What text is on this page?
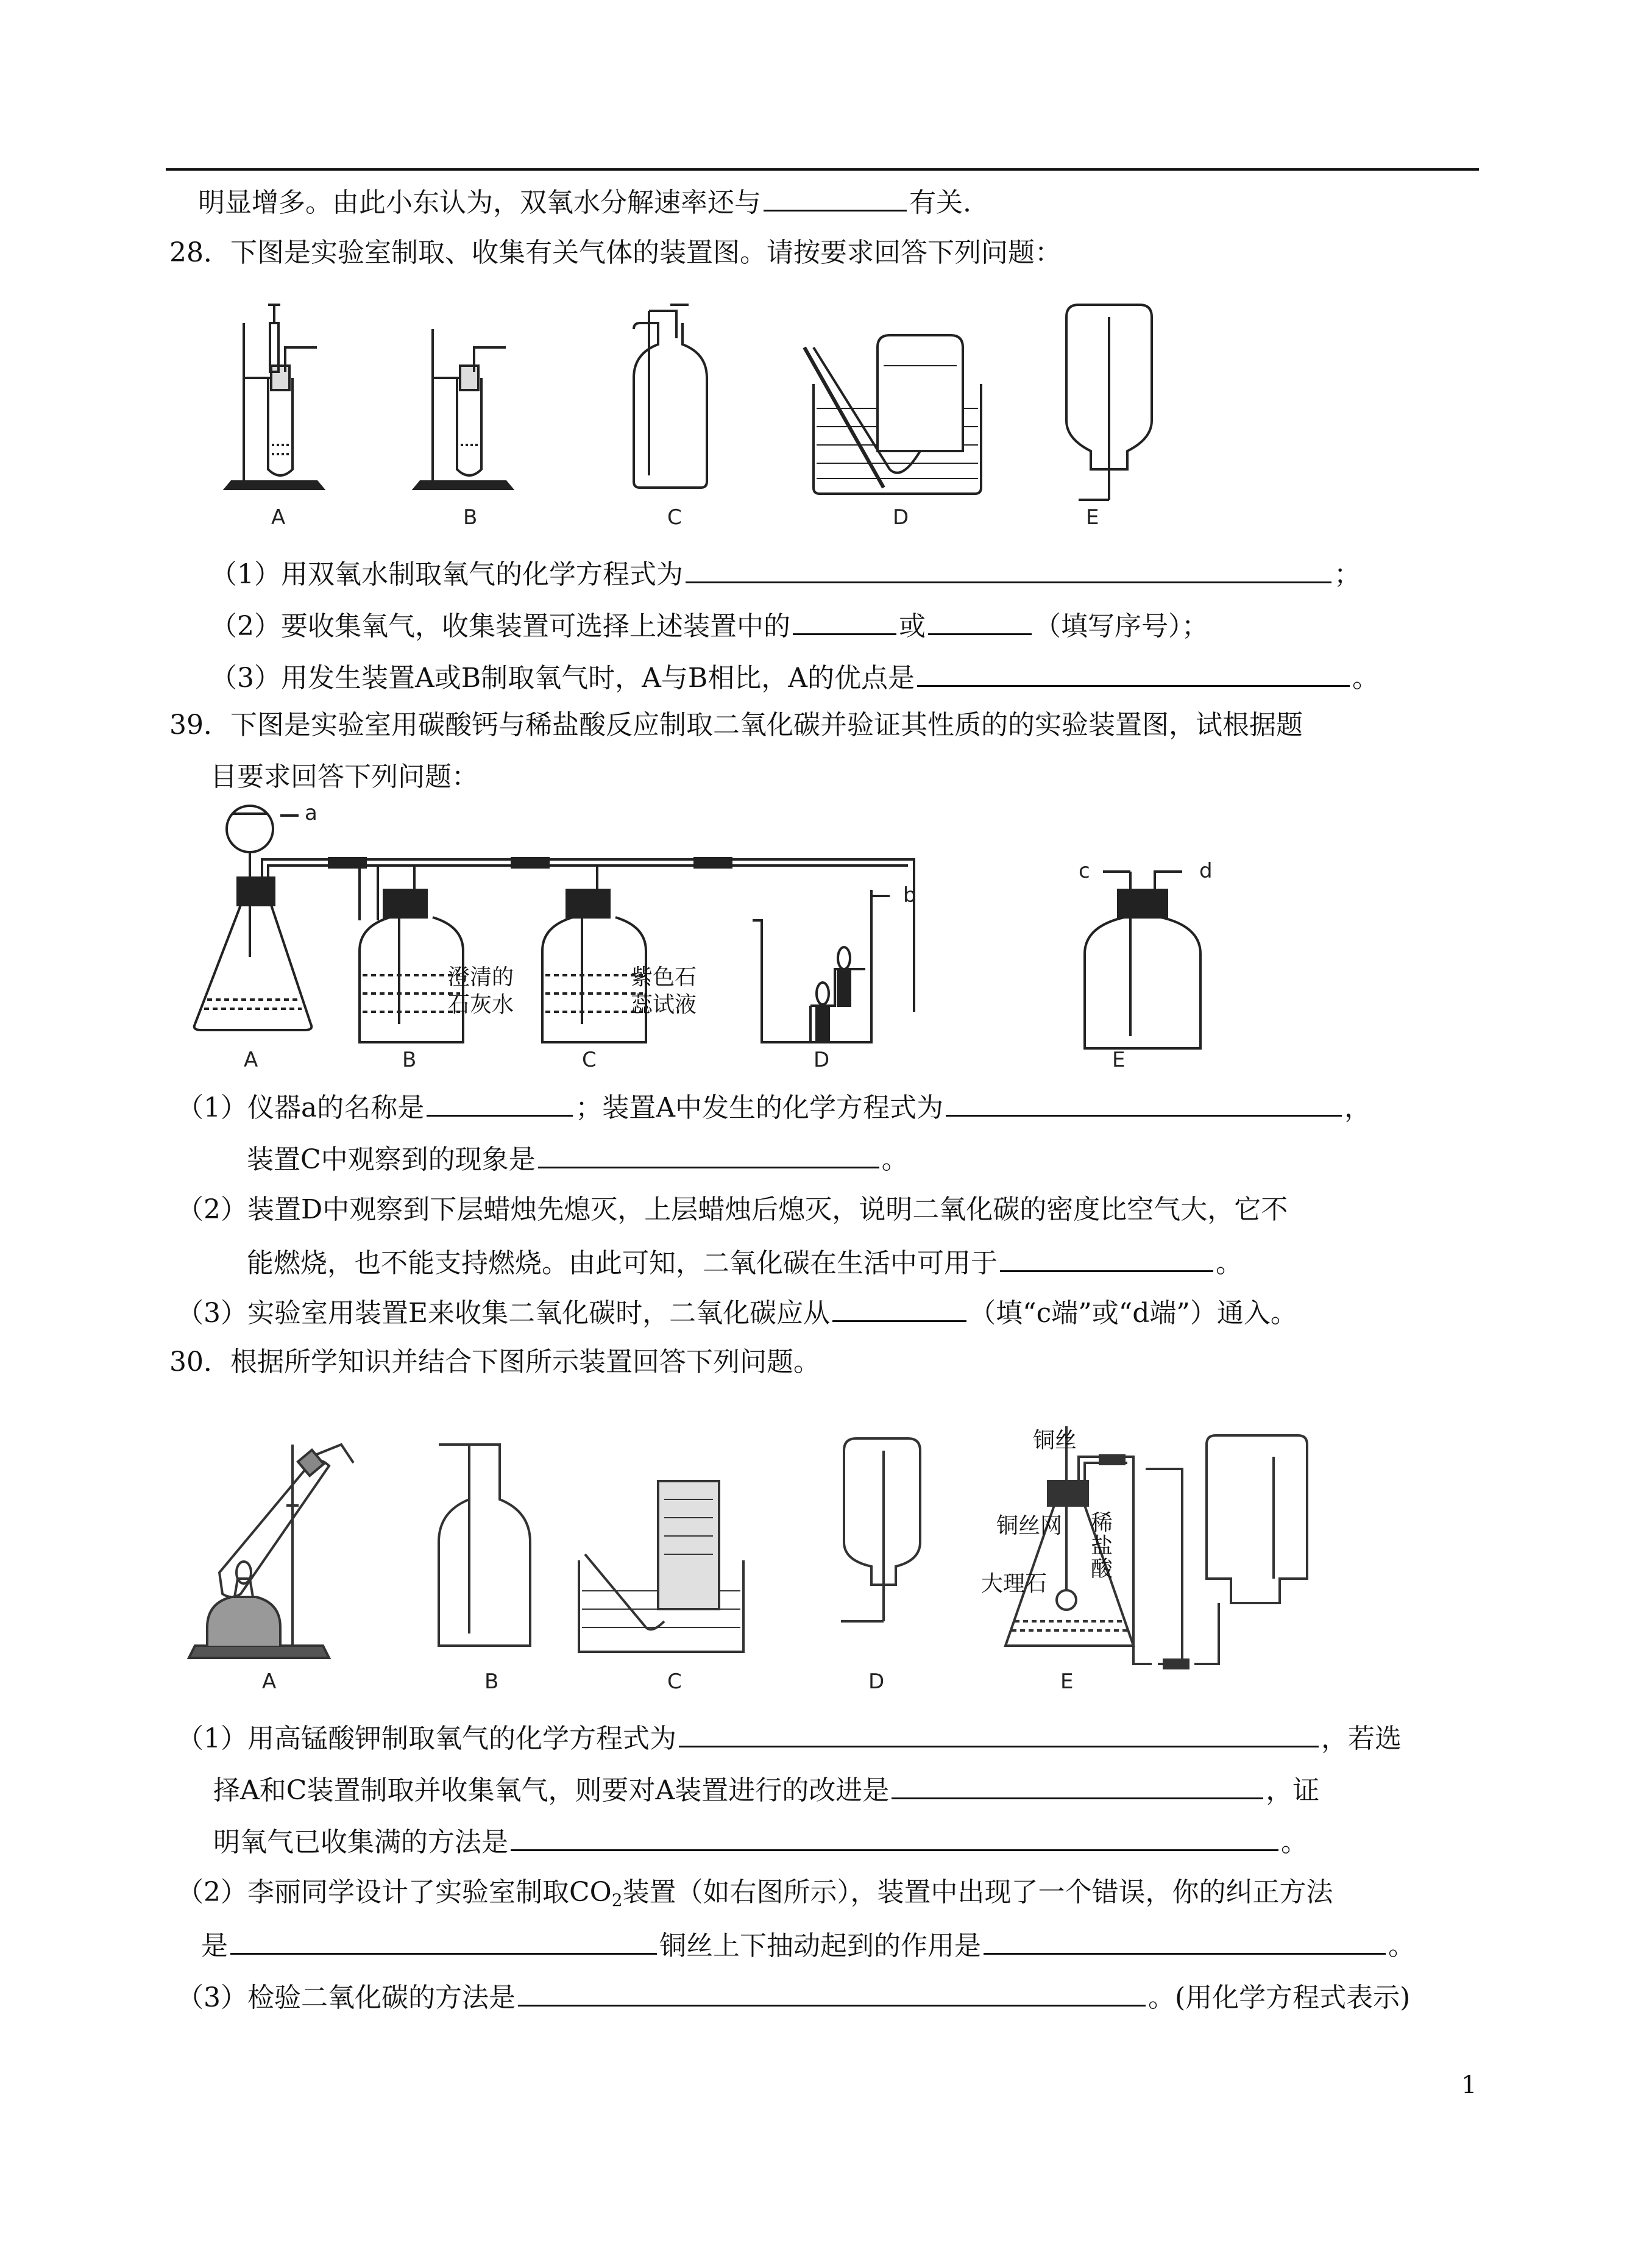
明显增多。由此小东认为，双氧水分解速率还与	有关.
28．下图是实验室制取、收集有关气体的装置图。请按要求回答下列问题：
A	B	C	D	E
（1）用双氧水制取氧气的化学方程式为	；
（2）要收集氧气，收集装置可选择上述装置中的	或	（填写序号）；
（3）用发生装置A或B制取氧气时，A与B相比，A的优点是	。
39．下图是实验室用碳酸钙与稀盐酸反应制取二氧化碳并验证其性质的的实验装置图，试根据题
目要求回答下列问题：
a
b
c	d
澄清的
石灰水
紫色石
蕊试液
A	B	C	D	E
（1）仪器a的名称是	；装置A中发生的化学方程式为	，
装置C中观察到的现象是	。
（2）装置D中观察到下层蜡烛先熄灭，上层蜡烛后熄灭，说明二氧化碳的密度比空气大，它不
能燃烧，也不能支持燃烧。由此可知，二氧化碳在生活中可用于	。
（3）实验室用装置E来收集二氧化碳时，二氧化碳应从	（填“c端”或“d端”）通入。
30．根据所学知识并结合下图所示装置回答下列问题。
铜丝
铜丝网
大理石
稀
盐
酸
A	B	C	D	E
（1）用高锰酸钾制取氧气的化学方程式为	，若选
择A和C装置制取并收集氧气，则要对A装置进行的改进是	，证
明氧气已收集满的方法是	。
（2）李丽同学设计了实验室制取$CO_2$装置（如右图所示），装置中出现了一个错误，你的纠正方法
是	铜丝上下抽动起到的作用是	。
（3）检验二氧化碳的方法是	。(用化学方程式表示)
1
